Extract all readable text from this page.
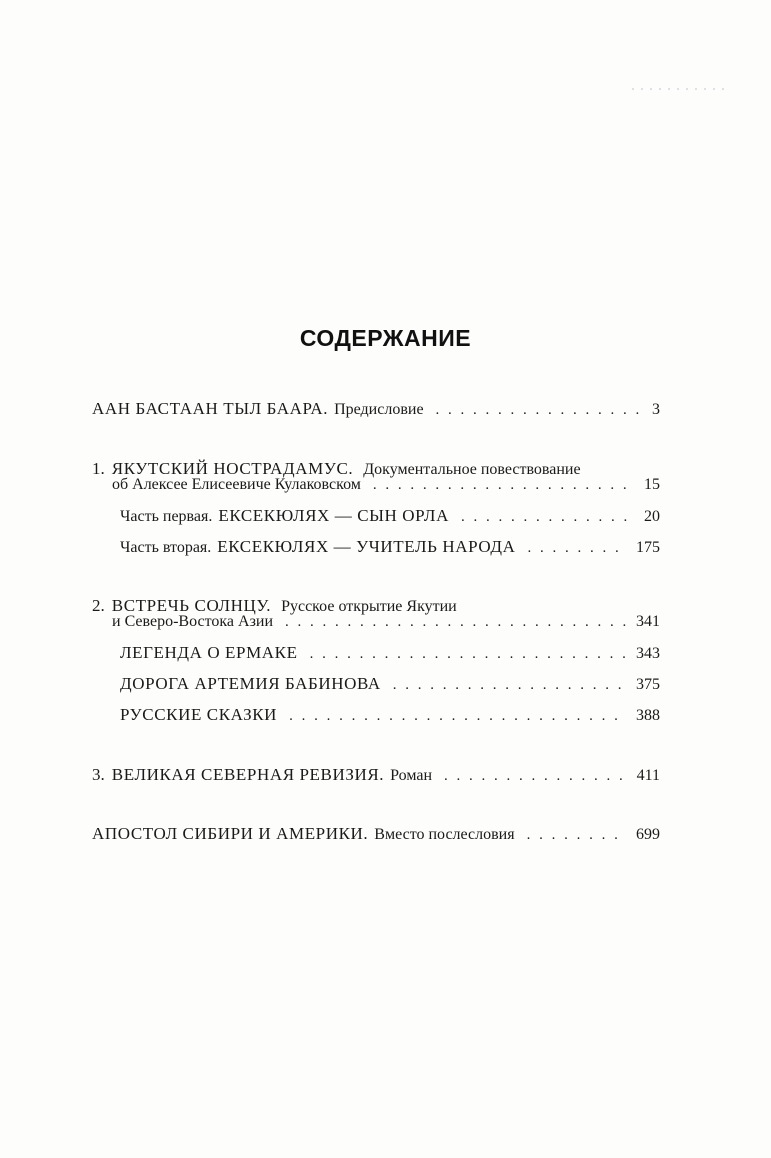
СОДЕРЖАНИЕ
ААН БАСТААН ТЫЛ БААРА. Предисловие . . .	3
1. ЯКУТСКИЙ НОСТРАДАМУС. Документальное повествование
об Алексее Елисеевиче Кулаковском . . .	15
Часть первая. ЕКСЕКЮЛЯХ — СЫН ОРЛА . . .	20
Часть вторая. ЕКСЕКЮЛЯХ — УЧИТЕЛЬ НАРОДА . . .	175
2. ВСТРЕЧЬ СОЛНЦУ. Русское открытие Якутии
и Северо-Востока Азии . . .	341
ЛЕГЕНДА О ЕРМАКЕ . . .	343
ДОРОГА АРТЕМИЯ БАБИНОВА . . .	375
РУССКИЕ СКАЗКИ . . .	388
3. ВЕЛИКАЯ СЕВЕРНАЯ РЕВИЗИЯ. Роман . . .	411
АПОСТОЛ СИБИРИ И АМЕРИКИ. Вместо послесловия . . .	699
